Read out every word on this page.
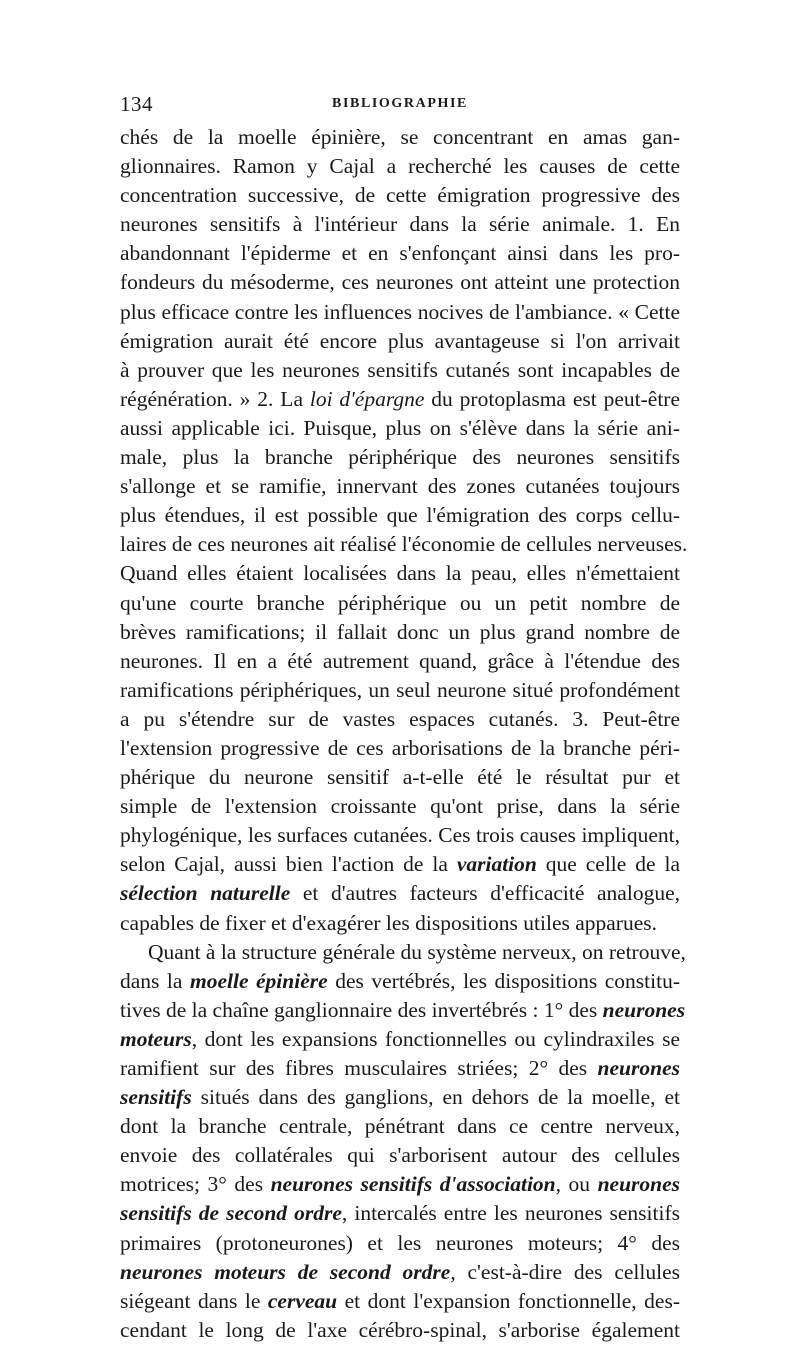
134	BIBLIOGRAPHIE
chés de la moelle épinière, se concentrant en amas gan-
glionnaires. Ramon y Cajal a recherché les causes de cette
concentration successive, de cette émigration progressive des
neurones sensitifs à l'intérieur dans la série animale. 1. En
abandonnant l'épiderme et en s'enfonçant ainsi dans les pro-
fondeurs du mésoderme, ces neurones ont atteint une protection
plus efficace contre les influences nocives de l'ambiance. « Cette
émigration aurait été encore plus avantageuse si l'on arrivait
à prouver que les neurones sensitifs cutanés sont incapables de
régénération. » 2. La loi d'épargne du protoplasma est peut-être
aussi applicable ici. Puisque, plus on s'élève dans la série ani-
male, plus la branche périphérique des neurones sensitifs
s'allonge et se ramifie, innervant des zones cutanées toujours
plus étendues, il est possible que l'émigration des corps cellu-
laires de ces neurones ait réalisé l'économie de cellules nerveuses.
Quand elles étaient localisées dans la peau, elles n'émettaient
qu'une courte branche périphérique ou un petit nombre de
brèves ramifications; il fallait donc un plus grand nombre de
neurones. Il en a été autrement quand, grâce à l'étendue des
ramifications périphériques, un seul neurone situé profondément
a pu s'étendre sur de vastes espaces cutanés. 3. Peut-être
l'extension progressive de ces arborisations de la branche péri-
phérique du neurone sensitif a-t-elle été le résultat pur et
simple de l'extension croissante qu'ont prise, dans la série
phylogénique, les surfaces cutanées. Ces trois causes impliquent,
selon Cajal, aussi bien l'action de la variation que celle de la
sélection naturelle et d'autres facteurs d'efficacité analogue,
capables de fixer et d'exagérer les dispositions utiles apparues.
Quant à la structure générale du système nerveux, on retrouve,
dans la moelle épinière des vertébrés, les dispositions constitu-
tives de la chaîne ganglionnaire des invertébrés : 1° des neurones
moteurs, dont les expansions fonctionnelles ou cylindraxiles se
ramifient sur des fibres musculaires striées; 2° des neurones
sensitifs situés dans des ganglions, en dehors de la moelle, et
dont la branche centrale, pénétrant dans ce centre nerveux,
envoie des collatérales qui s'arborisent autour des cellules
motrices; 3° des neurones sensitifs d'association, ou neurones
sensitifs de second ordre, intercalés entre les neurones sensitifs
primaires (protoneurones) et les neurones moteurs; 4° des
neurones moteurs de second ordre, c'est-à-dire des cellules
siégeant dans le cerveau et dont l'expansion fonctionnelle, des-
cendant le long de l'axe cérébro-spinal, s'arborise également
